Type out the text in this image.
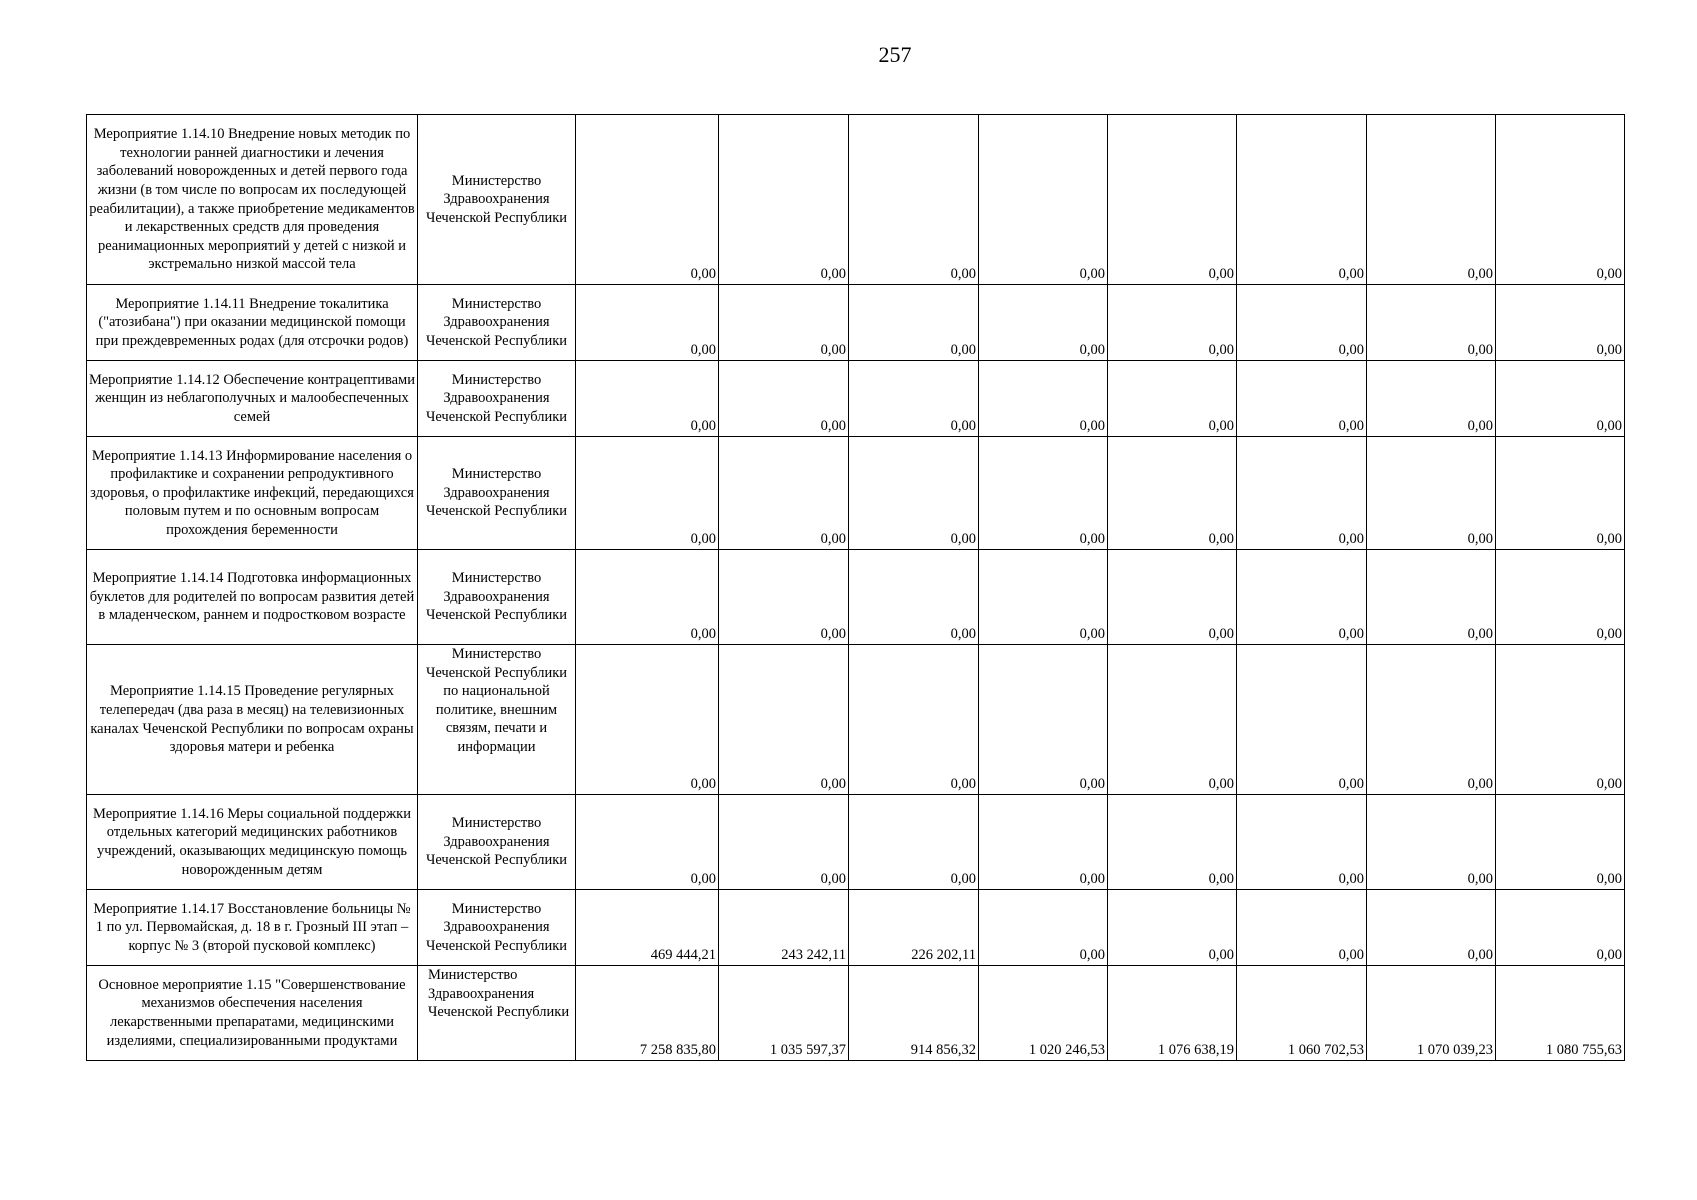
257
Мероприятие 1.14.10 Внедрение новых методик по технологии ранней диагностики и лечения заболеваний новорожденных и детей первого года жизни (в том числе по вопросам их последующей реабилитации), а также приобретение медикаментов и лекарственных средств для проведения реанимационных мероприятий у детей с низкой и экстремально низкой массой тела	Министерство Здравоохранения Чеченской Республики	0,00	0,00	0,00	0,00	0,00	0,00	0,00	0,00
Мероприятие 1.14.11 Внедрение токалитика ("атозибана") при оказании медицинской помощи при преждевременных родах (для отсрочки родов)	Министерство Здравоохранения Чеченской Республики	0,00	0,00	0,00	0,00	0,00	0,00	0,00	0,00
Мероприятие 1.14.12 Обеспечение контрацептивами женщин из неблагополучных и малообеспеченных семей	Министерство Здравоохранения Чеченской Республики	0,00	0,00	0,00	0,00	0,00	0,00	0,00	0,00
Мероприятие 1.14.13 Информирование населения о профилактике и сохранении репродуктивного здоровья, о профилактике инфекций, передающихся половым путем и по основным вопросам прохождения беременности	Министерство Здравоохранения Чеченской Республики	0,00	0,00	0,00	0,00	0,00	0,00	0,00	0,00
Мероприятие 1.14.14 Подготовка информационных буклетов для родителей по вопросам развития детей в младенческом, раннем и подростковом возрасте	Министерство Здравоохранения Чеченской Республики	0,00	0,00	0,00	0,00	0,00	0,00	0,00	0,00
Мероприятие 1.14.15 Проведение регулярных телепередач (два раза в месяц) на телевизионных каналах Чеченской Республики по вопросам охраны здоровья матери и ребенка	Министерство Чеченской Республики по национальной политике, внешним связям, печати и информации	0,00	0,00	0,00	0,00	0,00	0,00	0,00	0,00
Мероприятие 1.14.16 Меры социальной поддержки отдельных категорий медицинских работников учреждений, оказывающих медицинскую помощь новорожденным детям	Министерство Здравоохранения Чеченской Республики	0,00	0,00	0,00	0,00	0,00	0,00	0,00	0,00
Мероприятие 1.14.17 Восстановление больницы № 1 по ул. Первомайская, д. 18 в г. Грозный III этап – корпус № 3 (второй пусковой комплекс)	Министерство Здравоохранения Чеченской Республики	469 444,21	243 242,11	226 202,11	0,00	0,00	0,00	0,00	0,00
Основное мероприятие 1.15 "Совершенствование механизмов обеспечения населения лекарственными препаратами, медицинскими изделиями, специализированными продуктами	Министерство Здравоохранения Чеченской Республики	7 258 835,80	1 035 597,37	914 856,32	1 020 246,53	1 076 638,19	1 060 702,53	1 070 039,23	1 080 755,63
